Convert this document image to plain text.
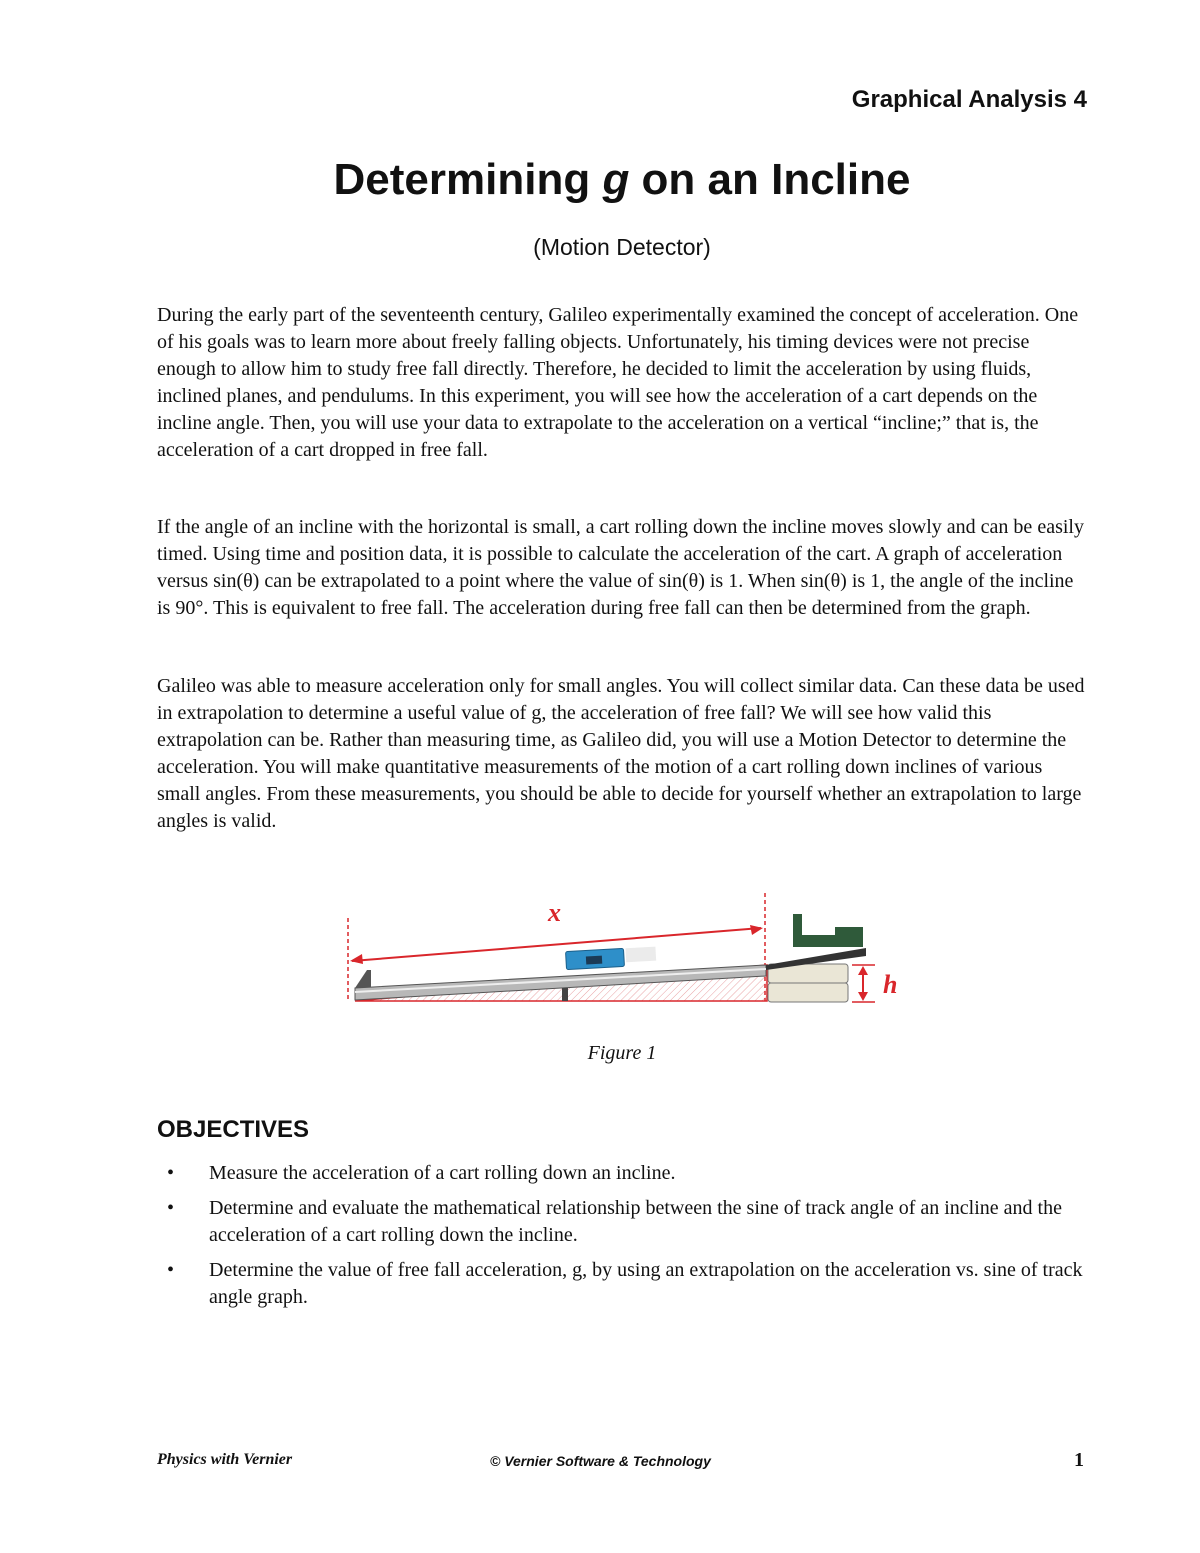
Graphical Analysis 4
Determining g on an Incline
(Motion Detector)

During the early part of the seventeenth century, Galileo experimentally examined the concept of acceleration. One of his goals was to learn more about freely falling objects. Unfortunately, his timing devices were not precise enough to allow him to study free fall directly. Therefore, he decided to limit the acceleration by using fluids, inclined planes, and pendulums. In this experiment, you will see how the acceleration of a cart depends on the incline angle. Then, you will use your data to extrapolate to the acceleration on a vertical “incline;” that is, the acceleration of a cart dropped in free fall.

If the angle of an incline with the horizontal is small, a cart rolling down the incline moves slowly and can be easily timed. Using time and position data, it is possible to calculate the acceleration of the cart. A graph of acceleration versus sin(θ) can be extrapolated to a point where the value of sin(θ) is 1. When sin(θ) is 1, the angle of the incline is 90°. This is equivalent to free fall. The acceleration during free fall can then be determined from the graph.

Galileo was able to measure acceleration only for small angles. You will collect similar data. Can these data be used in extrapolation to determine a useful value of g, the acceleration of free fall? We will see how valid this extrapolation can be. Rather than measuring time, as Galileo did, you will use a Motion Detector to determine the acceleration. You will make quantitative measurements of the motion of a cart rolling down inclines of various small angles. From these measurements, you should be able to decide for yourself whether an extrapolation to large angles is valid.

x
h
Figure 1
OBJECTIVES
• Measure the acceleration of a cart rolling down an incline.
• Determine and evaluate the mathematical relationship between the sine of track angle of an incline and the acceleration of a cart rolling down the incline.
• Determine the value of free fall acceleration, g, by using an extrapolation on the acceleration vs. sine of track angle graph.
Physics with Vernier	© Vernier Software & Technology	1
